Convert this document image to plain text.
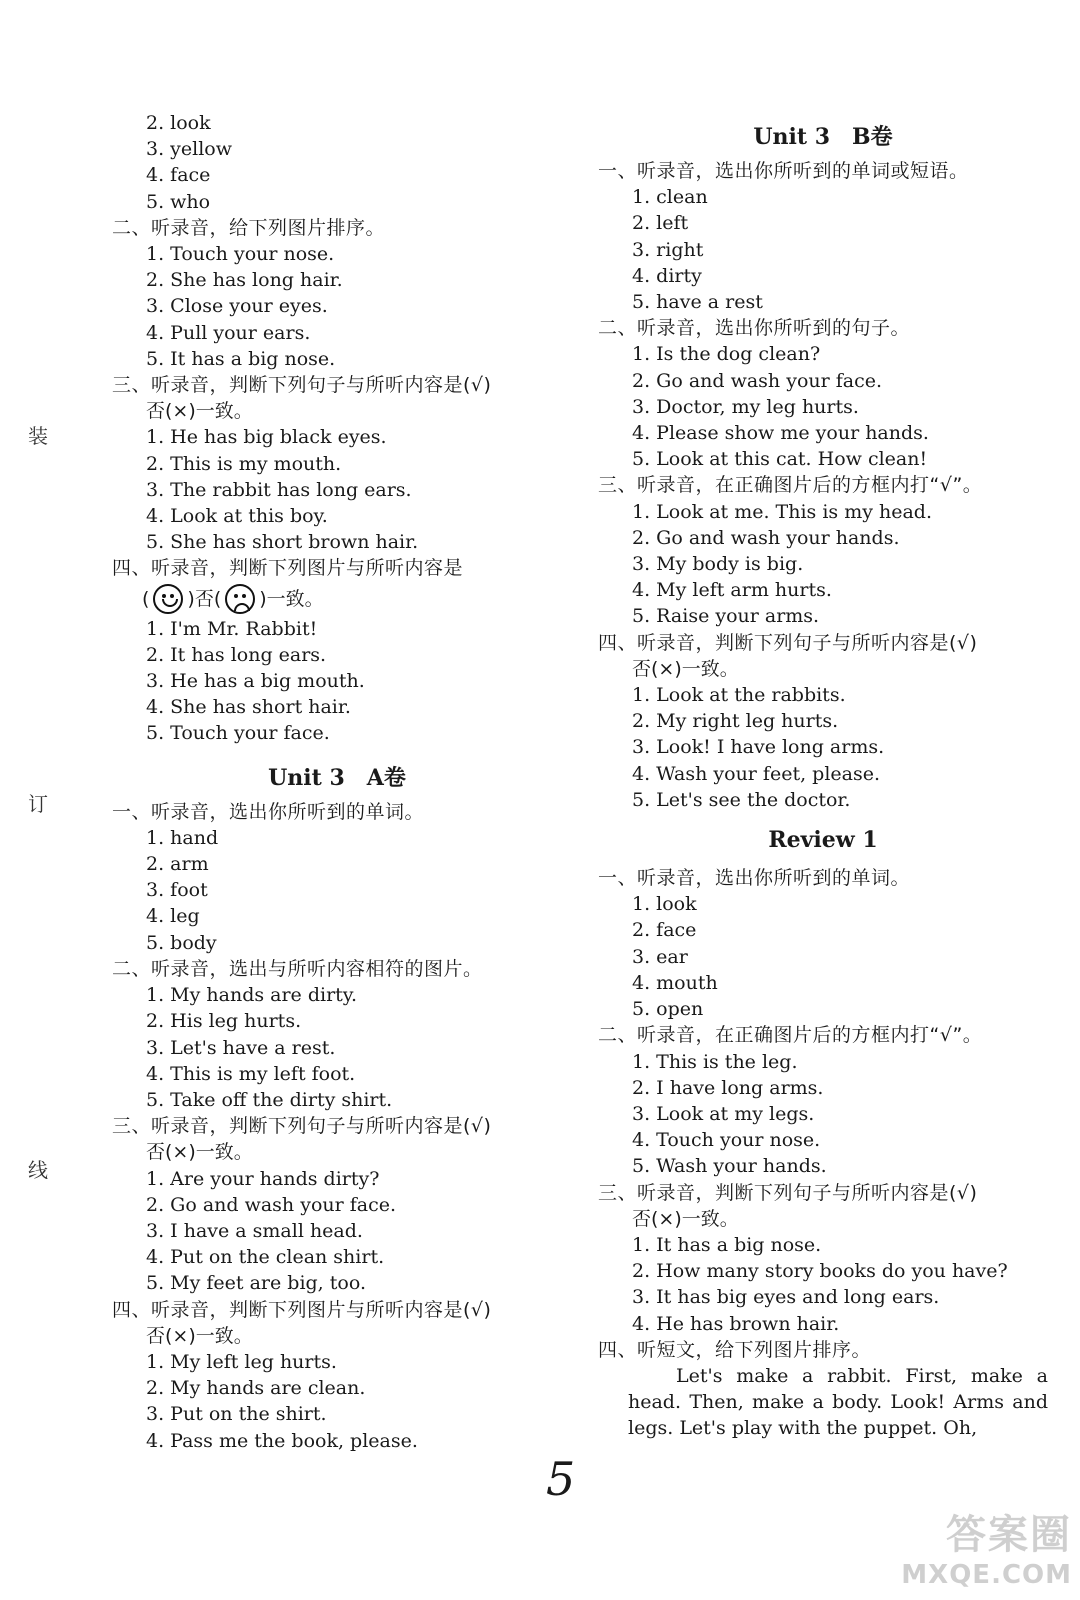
装
订
线
2. look
3. yellow
4. face
5. who
二、听录音，给下列图片排序。
1. Touch your nose.
2. She has long hair.
3. Close your eyes.
4. Pull your ears.
5. It has a big nose.
三、听录音，判断下列句子与所听内容是(√)
否(×)一致。
1. He has big black eyes.
2. This is my mouth.
3. The rabbit has long ears.
4. Look at this boy.
5. She has short brown hair.
四、听录音，判断下列图片与所听内容是
( )否( )一致。
1. I'm Mr. Rabbit!
2. It has long ears.
3. He has a big mouth.
4. She has short hair.
5. Touch your face.
Unit 3　A卷
一、听录音，选出你所听到的单词。
1. hand
2. arm
3. foot
4. leg
5. body
二、听录音，选出与所听内容相符的图片。
1. My hands are dirty.
2. His leg hurts.
3. Let's have a rest.
4. This is my left foot.
5. Take off the dirty shirt.
三、听录音，判断下列句子与所听内容是(√)
否(×)一致。
1. Are your hands dirty?
2. Go and wash your face.
3. I have a small head.
4. Put on the clean shirt.
5. My feet are big, too.
四、听录音，判断下列图片与所听内容是(√)
否(×)一致。
1. My left leg hurts.
2. My hands are clean.
3. Put on the shirt.
4. Pass me the book, please.
Unit 3　B卷
一、听录音，选出你所听到的单词或短语。
1. clean
2. left
3. right
4. dirty
5. have a rest
二、听录音，选出你所听到的句子。
1. Is the dog clean?
2. Go and wash your face.
3. Doctor, my leg hurts.
4. Please show me your hands.
5. Look at this cat. How clean!
三、听录音，在正确图片后的方框内打“√”。
1. Look at me. This is my head.
2. Go and wash your hands.
3. My body is big.
4. My left arm hurts.
5. Raise your arms.
四、听录音，判断下列句子与所听内容是(√)
否(×)一致。
1. Look at the rabbits.
2. My right leg hurts.
3. Look! I have long arms.
4. Wash your feet, please.
5. Let's see the doctor.
Review 1
一、听录音，选出你所听到的单词。
1. look
2. face
3. ear
4. mouth
5. open
二、听录音，在正确图片后的方框内打“√”。
1. This is the leg.
2. I have long arms.
3. Look at my legs.
4. Touch your nose.
5. Wash your hands.
三、听录音，判断下列句子与所听内容是(√)
否(×)一致。
1. It has a big nose.
2. How many story books do you have?
3. It has big eyes and long ears.
4. He has brown hair.
四、听短文，给下列图片排序。
Let's make a rabbit. First, make a head. Then, make a body. Look! Arms and legs. Let's play with the puppet. Oh,
5
答案圈
MXQE.COM
